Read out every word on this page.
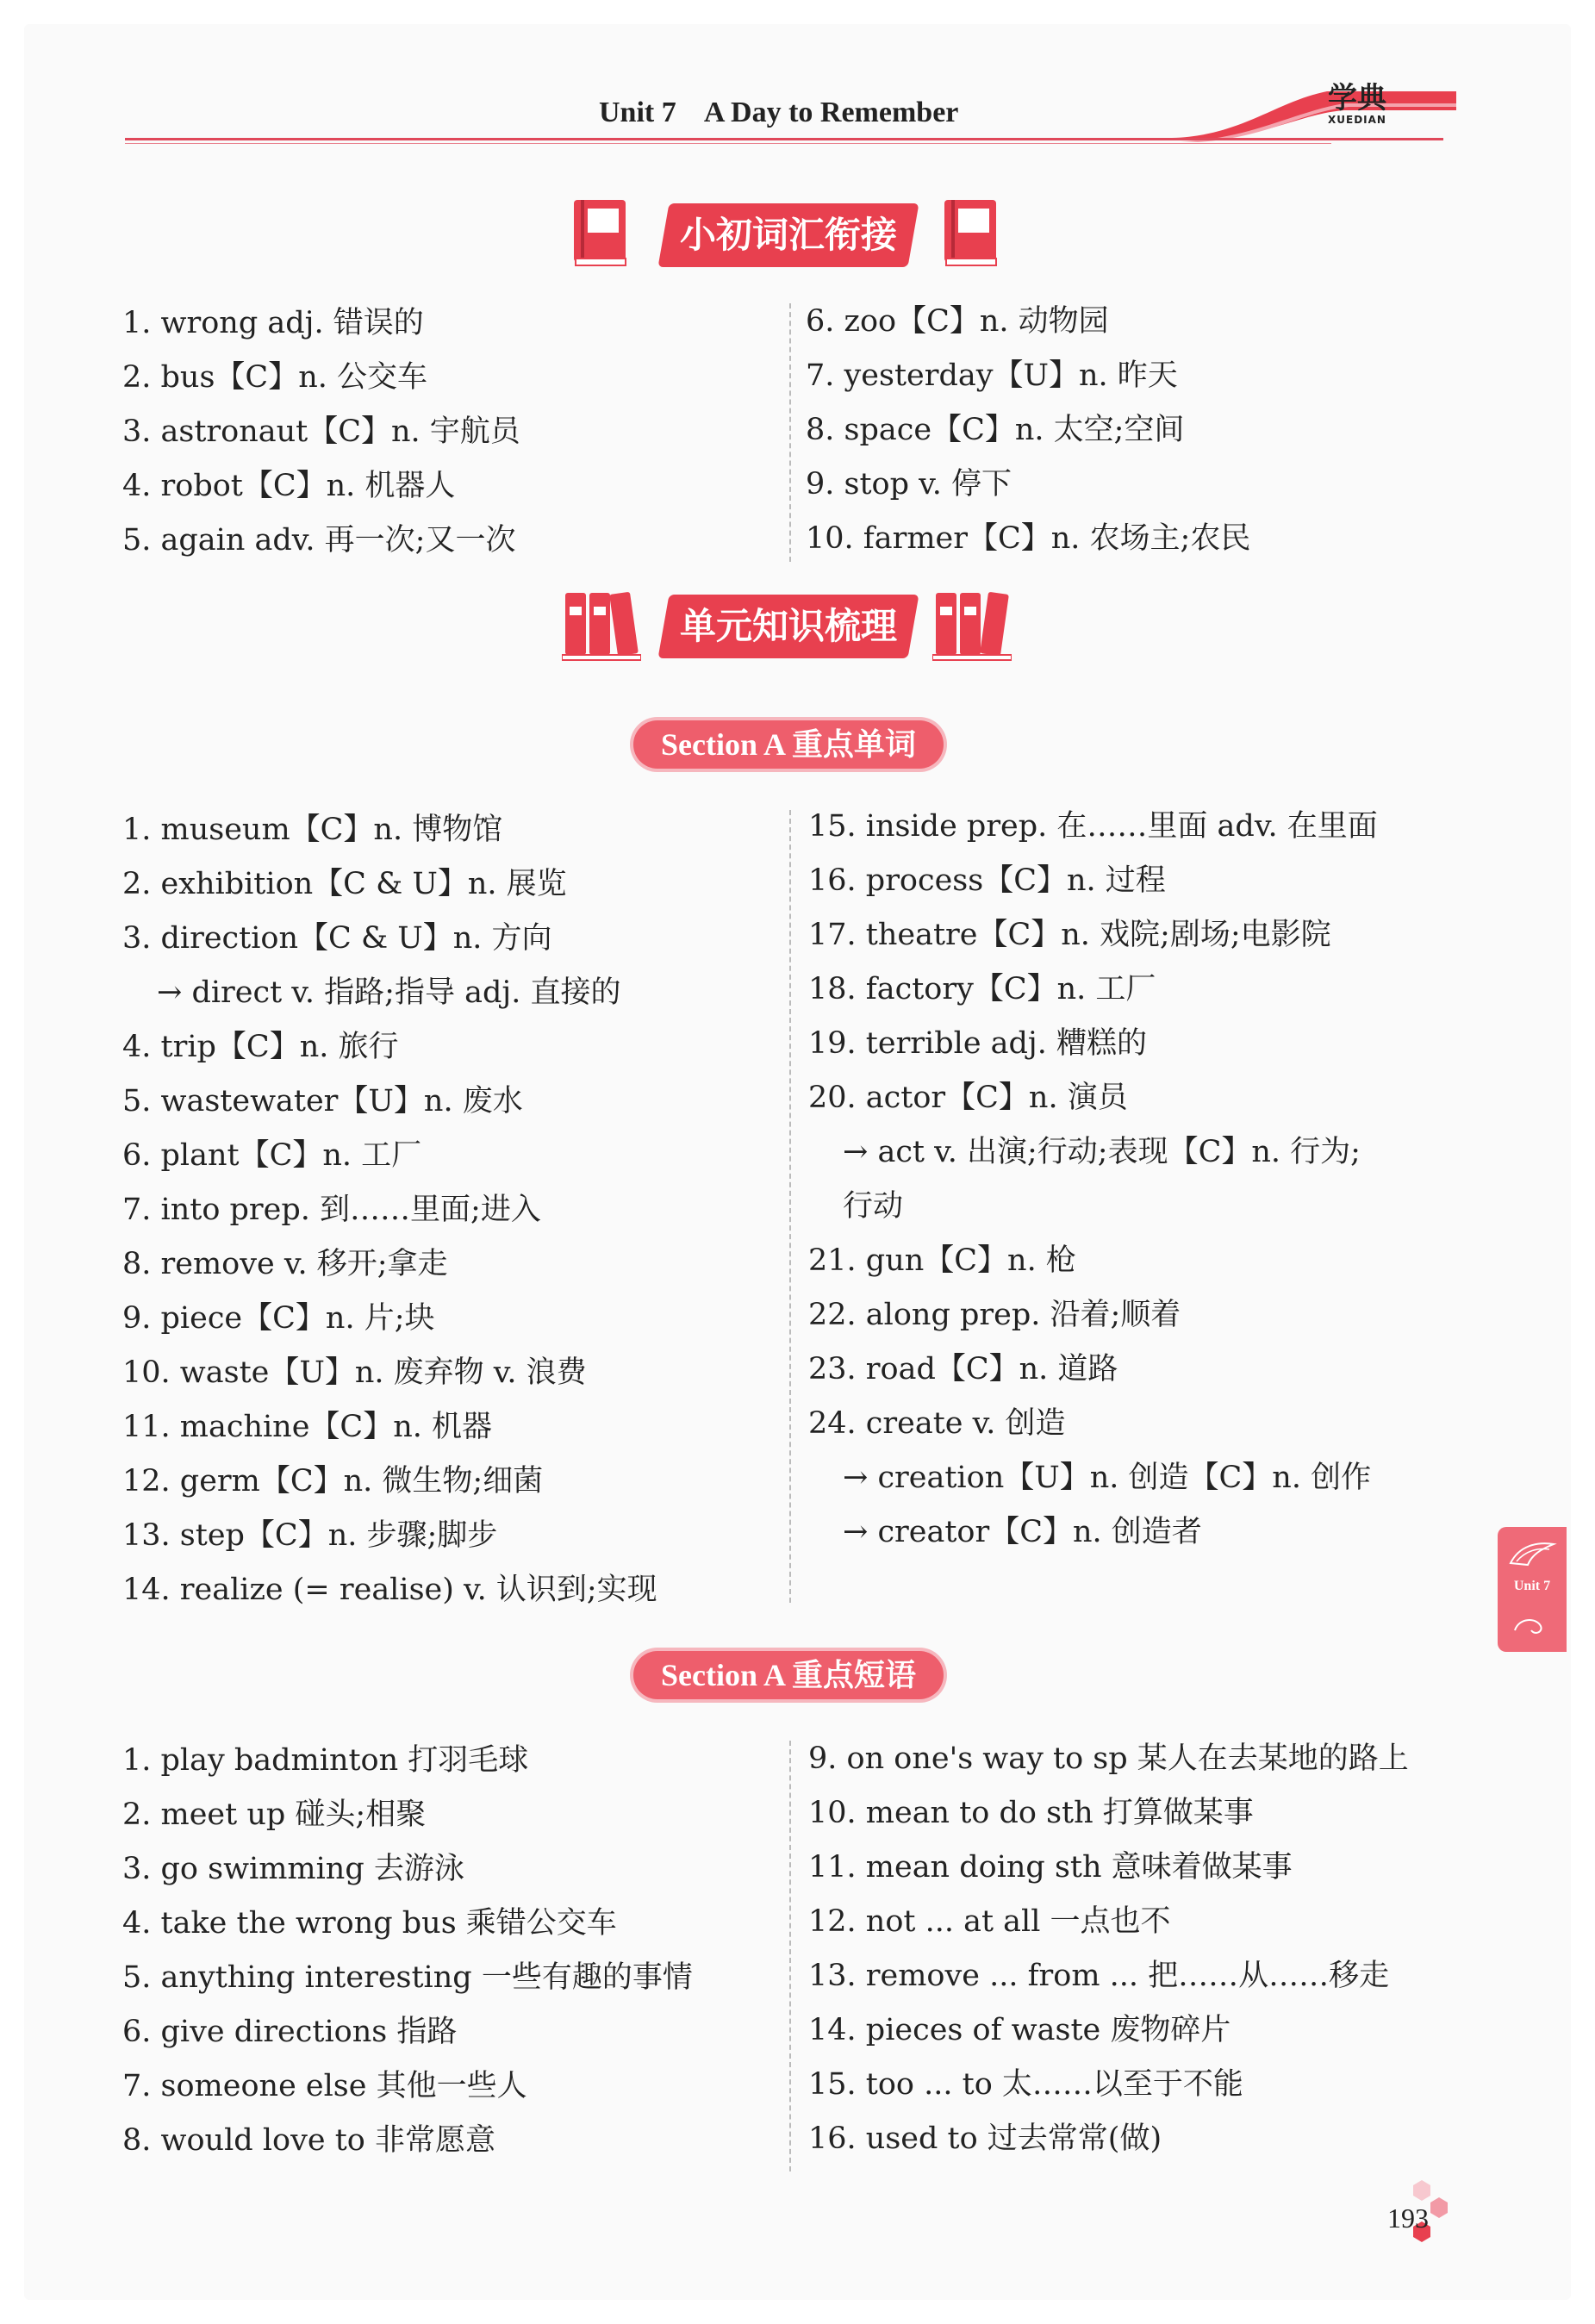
Unit 7    A Day to Remember	学典
XUEDIAN
小初词汇衔接
1. wrong adj. 错误的
2. bus【C】n. 公交车
3. astronaut【C】n. 宇航员
4. robot【C】n. 机器人
5. again adv. 再一次;又一次
6. zoo【C】n. 动物园
7. yesterday【U】n. 昨天
8. space【C】n. 太空;空间
9. stop v. 停下
10. farmer【C】n. 农场主;农民
单元知识梳理
Section A 重点单词
1. museum【C】n. 博物馆
2. exhibition【C & U】n. 展览
3. direction【C & U】n. 方向
→ direct v. 指路;指导 adj. 直接的
4. trip【C】n. 旅行
5. wastewater【U】n. 废水
6. plant【C】n. 工厂
7. into prep. 到……里面;进入
8. remove v. 移开;拿走
9. piece【C】n. 片;块
10. waste【U】n. 废弃物 v. 浪费
11. machine【C】n. 机器
12. germ【C】n. 微生物;细菌
13. step【C】n. 步骤;脚步
14. realize (= realise) v. 认识到;实现
15. inside prep. 在……里面 adv. 在里面
16. process【C】n. 过程
17. theatre【C】n. 戏院;剧场;电影院
18. factory【C】n. 工厂
19. terrible adj. 糟糕的
20. actor【C】n. 演员
→ act v. 出演;行动;表现【C】n. 行为;
行动
21. gun【C】n. 枪
22. along prep. 沿着;顺着
23. road【C】n. 道路
24. create v. 创造
→ creation【U】n. 创造【C】n. 创作
→ creator【C】n. 创造者
Section A 重点短语
1. play badminton 打羽毛球
2. meet up 碰头;相聚
3. go swimming 去游泳
4. take the wrong bus 乘错公交车
5. anything interesting 一些有趣的事情
6. give directions 指路
7. someone else 其他一些人
8. would love to 非常愿意
9. on one's way to sp 某人在去某地的路上
10. mean to do sth 打算做某事
11. mean doing sth 意味着做某事
12. not ... at all 一点也不
13. remove ... from ... 把……从……移走
14. pieces of waste 废物碎片
15. too ... to 太……以至于不能
16. used to 过去常常(做)
Unit 7
193
